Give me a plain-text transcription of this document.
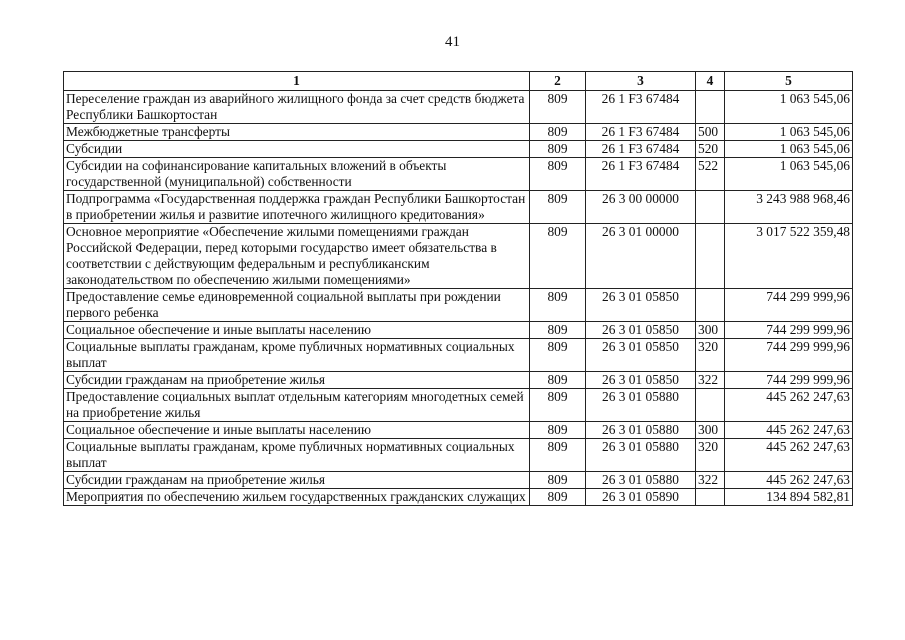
41
1	2	3	4	5
Переселение граждан из аварийного жилищного фонда за счет средств бюджета Республики Башкортостан	809	26 1 F3 67484		1 063 545,06
Межбюджетные трансферты	809	26 1 F3 67484	500	1 063 545,06
Субсидии	809	26 1 F3 67484	520	1 063 545,06
Субсидии на софинансирование капитальных вложений в объекты государственной (муниципальной) собственности	809	26 1 F3 67484	522	1 063 545,06
Подпрограмма «Государственная поддержка граждан Республики Башкортостан в приобретении жилья и развитие ипотечного жилищного кредитования»	809	26 3 00 00000		3 243 988 968,46
Основное мероприятие «Обеспечение жилыми помещениями граждан Российской Федерации, перед которыми государство имеет обязательства в соответствии с действующим федеральным и республиканским законодательством по обеспечению жилыми помещениями»	809	26 3 01 00000		3 017 522 359,48
Предоставление семье единовременной социальной выплаты при рождении первого ребенка	809	26 3 01 05850		744 299 999,96
Социальное обеспечение и иные выплаты населению	809	26 3 01 05850	300	744 299 999,96
Социальные выплаты гражданам, кроме публичных нормативных социальных выплат	809	26 3 01 05850	320	744 299 999,96
Субсидии гражданам на приобретение жилья	809	26 3 01 05850	322	744 299 999,96
Предоставление социальных выплат отдельным категориям многодетных семей на приобретение жилья	809	26 3 01 05880		445 262 247,63
Социальное обеспечение и иные выплаты населению	809	26 3 01 05880	300	445 262 247,63
Социальные выплаты гражданам, кроме публичных нормативных социальных выплат	809	26 3 01 05880	320	445 262 247,63
Субсидии гражданам на приобретение жилья	809	26 3 01 05880	322	445 262 247,63
Мероприятия по обеспечению жильем государственных гражданских служащих	809	26 3 01 05890		134 894 582,81
